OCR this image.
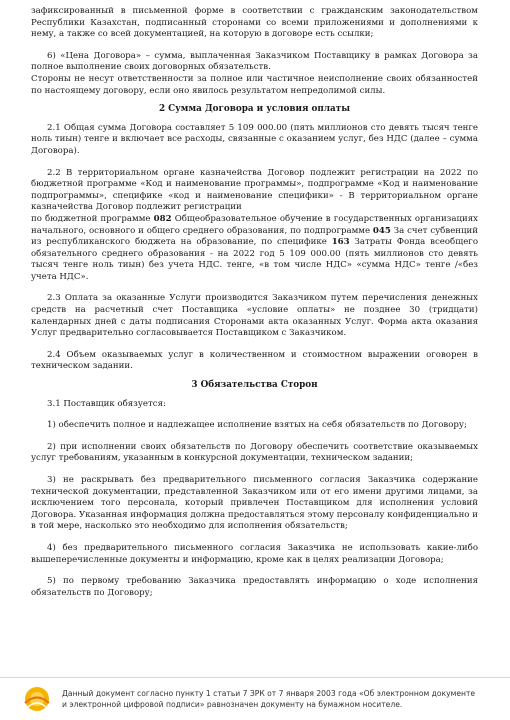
зафиксированный в письменной форме в соответствии с гражданским законодательством Республики Казахстан, подписанный сторонами со всеми приложениями и дополнениями к нему, а также со всей документацией, на которую в договоре есть ссылки;

6) «Цена Договора» – сумма, выплаченная Заказчиком Поставщику в рамках Договора за полное выполнение своих договорных обязательств.

Стороны не несут ответственности за полное или частичное неисполнение своих обязанностей по настоящему договору, если оно явилось результатом непредолимой силы.

2 Сумма Договора и условия оплаты

2.1 Общая сумма Договора составляет 5 109 000.00 (пять миллионов сто девять тысяч тенге ноль тиын) тенге и включает все расходы, связанные с оказанием услуг, без НДС (далее – сумма Договора).

2.2 В территориальном органе казначейства Договор подлежит регистрации на 2022 по бюджетной программе «Код и наименование программы», подпрограмме «Код и наименование подпрограммы», специфике «код и наименование специфики» - В территориальном органе казначейства Договор подлежит регистрации

по бюджетной программе 082 Общеобразовательное обучение в государственных организациях начального, основного и общего среднего образования, по подпрограмме 045 За счет субвенций из республиканского бюджета на образование, по специфике 163 Затраты Фонда всеобщего обязательного среднего образования - на 2022 год 5 109 000.00 (пять миллионов сто девять тысяч тенге ноль тиын) без учета НДС. тенге, «в том числе НДС» «сумма НДС» тенге /«без учета НДС».

2.3 Оплата за оказанные Услуги производится Заказчиком путем перечисления денежных средств на расчетный счет Поставщика «условие оплаты» не позднее 30 (тридцати) календарных дней с даты подписания Сторонами акта оказанных Услуг. Форма акта оказания Услуг предварительно согласовывается Поставщиком с Заказчиком.

2.4 Объем оказываемых услуг в количественном и стоимостном выражении оговорен в техническом задании.

3 Обязательства Сторон

3.1 Поставщик обязуется:

1) обеспечить полное и надлежащее исполнение взятых на себя обязательств по Договору;

2) при исполнении своих обязательств по Договору обеспечить соответствие оказываемых услуг требованиям, указанным в конкурсной документации, техническом задании;

3) не раскрывать без предварительного письменного согласия Заказчика содержание технической документации, представленной Заказчиком или от его имени другими лицами, за исключением того персонала, который привлечен Поставщиком для исполнения условий Договора. Указанная информация должна предоставляться этому персоналу конфиденциально и в той мере, насколько это необходимо для исполнения обязательств;

4) без предварительного письменного согласия Заказчика не использовать какие-либо вышеперечисленные документы и информацию, кроме как в целях реализации Договора;

5) по первому требованию Заказчика предоставлять информацию о ходе исполнения обязательств по Договору;

Данный документ согласно пункту 1 статьи 7 ЗРК от 7 января 2003 года «Об электронном документе и электронной цифровой подписи» равнозначен документу на бумажном носителе.
